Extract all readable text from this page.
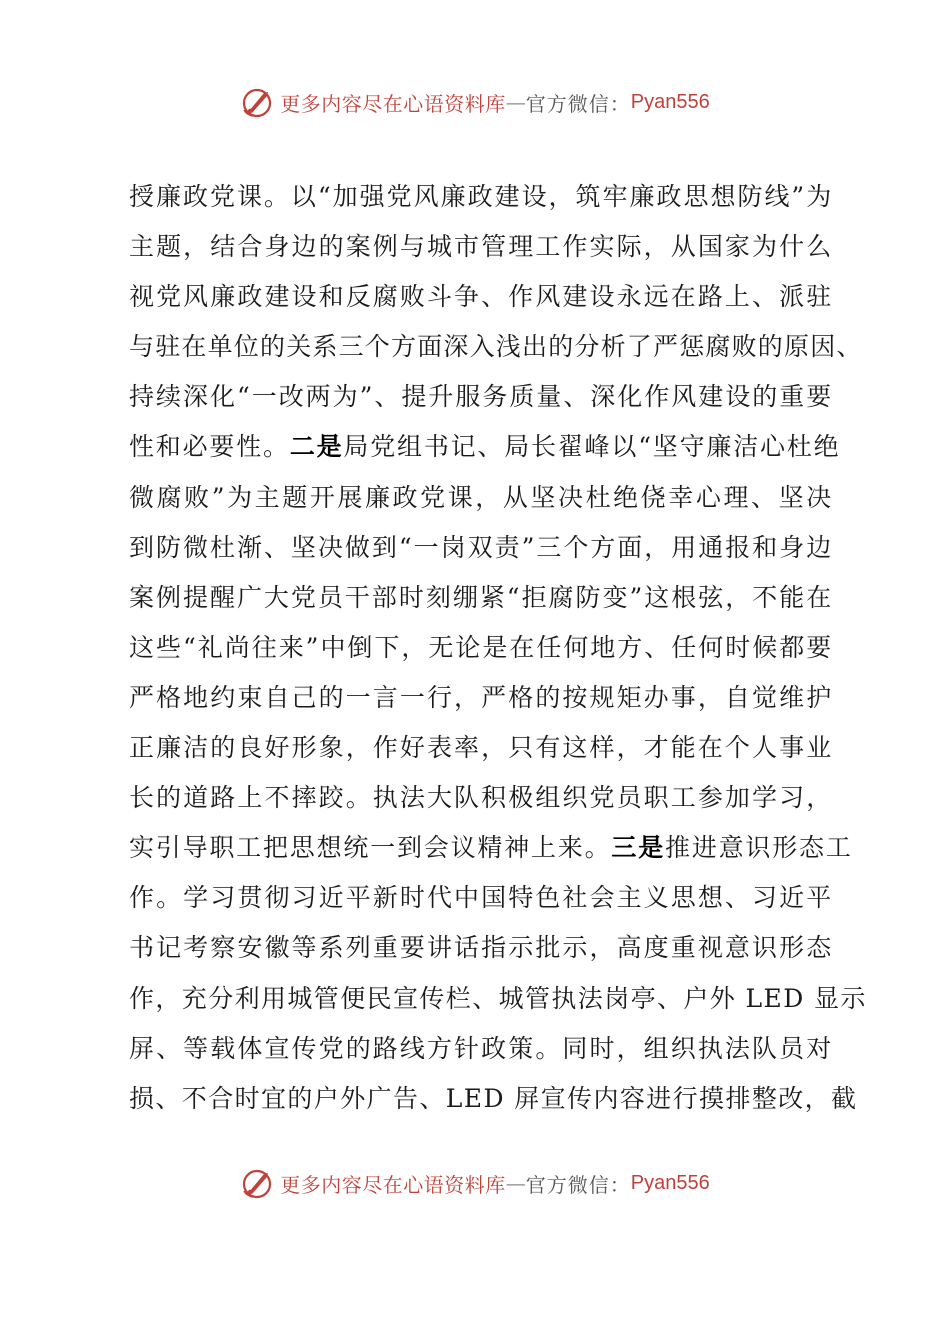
更多内容尽在心语资料库 — 官方微信： Pyan556
授廉政党课。以“加强党风廉政建设，筑牢廉政思想防线”为
主题，结合身边的案例与城市管理工作实际，从国家为什么
视党风廉政建设和反腐败斗争、作风建设永远在路上、派驻
与驻在单位的关系三个方面深入浅出的分析了严惩腐败的原因、
持续深化“一改两为”、提升服务质量、深化作风建设的重要
性和必要性。二是局党组书记、局长翟峰以“坚守廉洁心杜绝
微腐败”为主题开展廉政党课，从坚决杜绝侥幸心理、坚决
到防微杜渐、坚决做到“一岗双责”三个方面，用通报和身边
案例提醒广大党员干部时刻绷紧“拒腐防变”这根弦，不能在
这些“礼尚往来”中倒下，无论是在任何地方、任何时候都要
严格地约束自己的一言一行，严格的按规矩办事，自觉维护
正廉洁的良好形象，作好表率，只有这样，才能在个人事业
长的道路上不摔跤。执法大队积极组织党员职工参加学习，
实引导职工把思想统一到会议精神上来。三是推进意识形态工
作。学习贯彻习近平新时代中国特色社会主义思想、习近平
书记考察安徽等系列重要讲话指示批示，高度重视意识形态
作，充分利用城管便民宣传栏、城管执法岗亭、户外 LED 显示
屏、等载体宣传党的路线方针政策。同时，组织执法队员对
损、不合时宜的户外广告、LED 屏宣传内容进行摸排整改，截
更多内容尽在心语资料库 — 官方微信： Pyan556
